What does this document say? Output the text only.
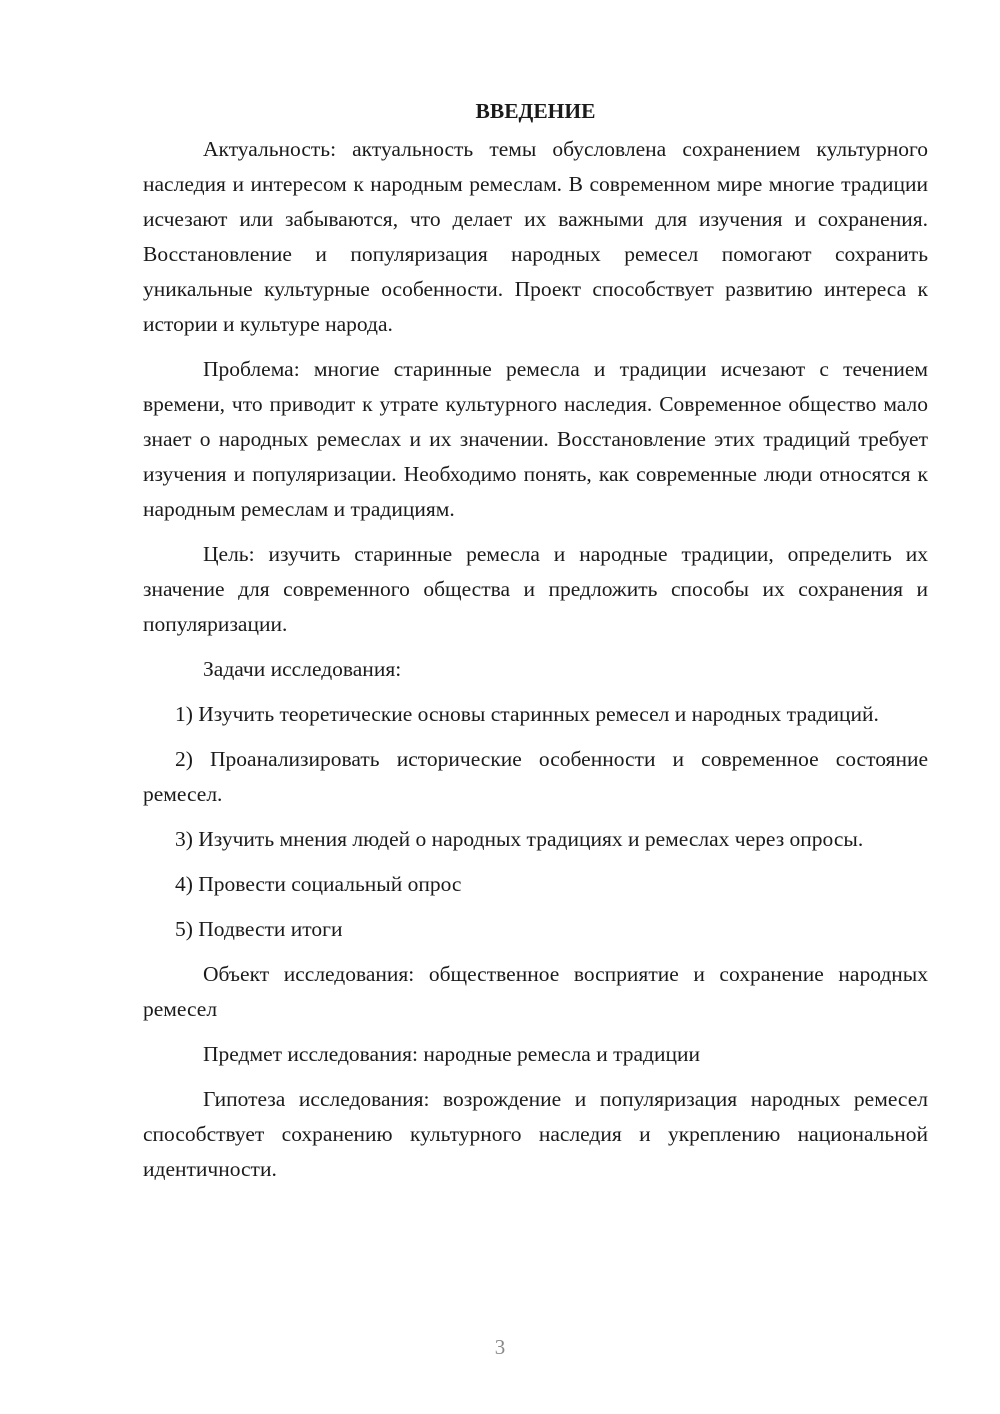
ВВЕДЕНИЕ

Актуальность: актуальность темы обусловлена сохранением культурного наследия и интересом к народным ремеслам. В современном мире многие традиции исчезают или забываются, что делает их важными для изучения и сохранения. Восстановление и популяризация народных ремесел помогают сохранить уникальные культурные особенности. Проект способствует развитию интереса к истории и культуре народа.

Проблема: многие старинные ремесла и традиции исчезают с течением времени, что приводит к утрате культурного наследия. Современное общество мало знает о народных ремеслах и их значении. Восстановление этих традиций требует изучения и популяризации. Необходимо понять, как современные люди относятся к народным ремеслам и традициям.

Цель: изучить старинные ремесла и народные традиции, определить их значение для современного общества и предложить способы их сохранения и популяризации.

Задачи исследования:

1) Изучить теоретические основы старинных ремесел и народных традиций.

2) Проанализировать исторические особенности и современное состояние ремесел.

3) Изучить мнения людей о народных традициях и ремеслах через опросы.

4) Провести социальный опрос

5) Подвести итоги

Объект исследования: общественное восприятие и сохранение народных ремесел

Предмет исследования: народные ремесла и традиции

Гипотеза исследования: возрождение и популяризация народных ремесел способствует сохранению культурного наследия и укреплению национальной идентичности.

3
